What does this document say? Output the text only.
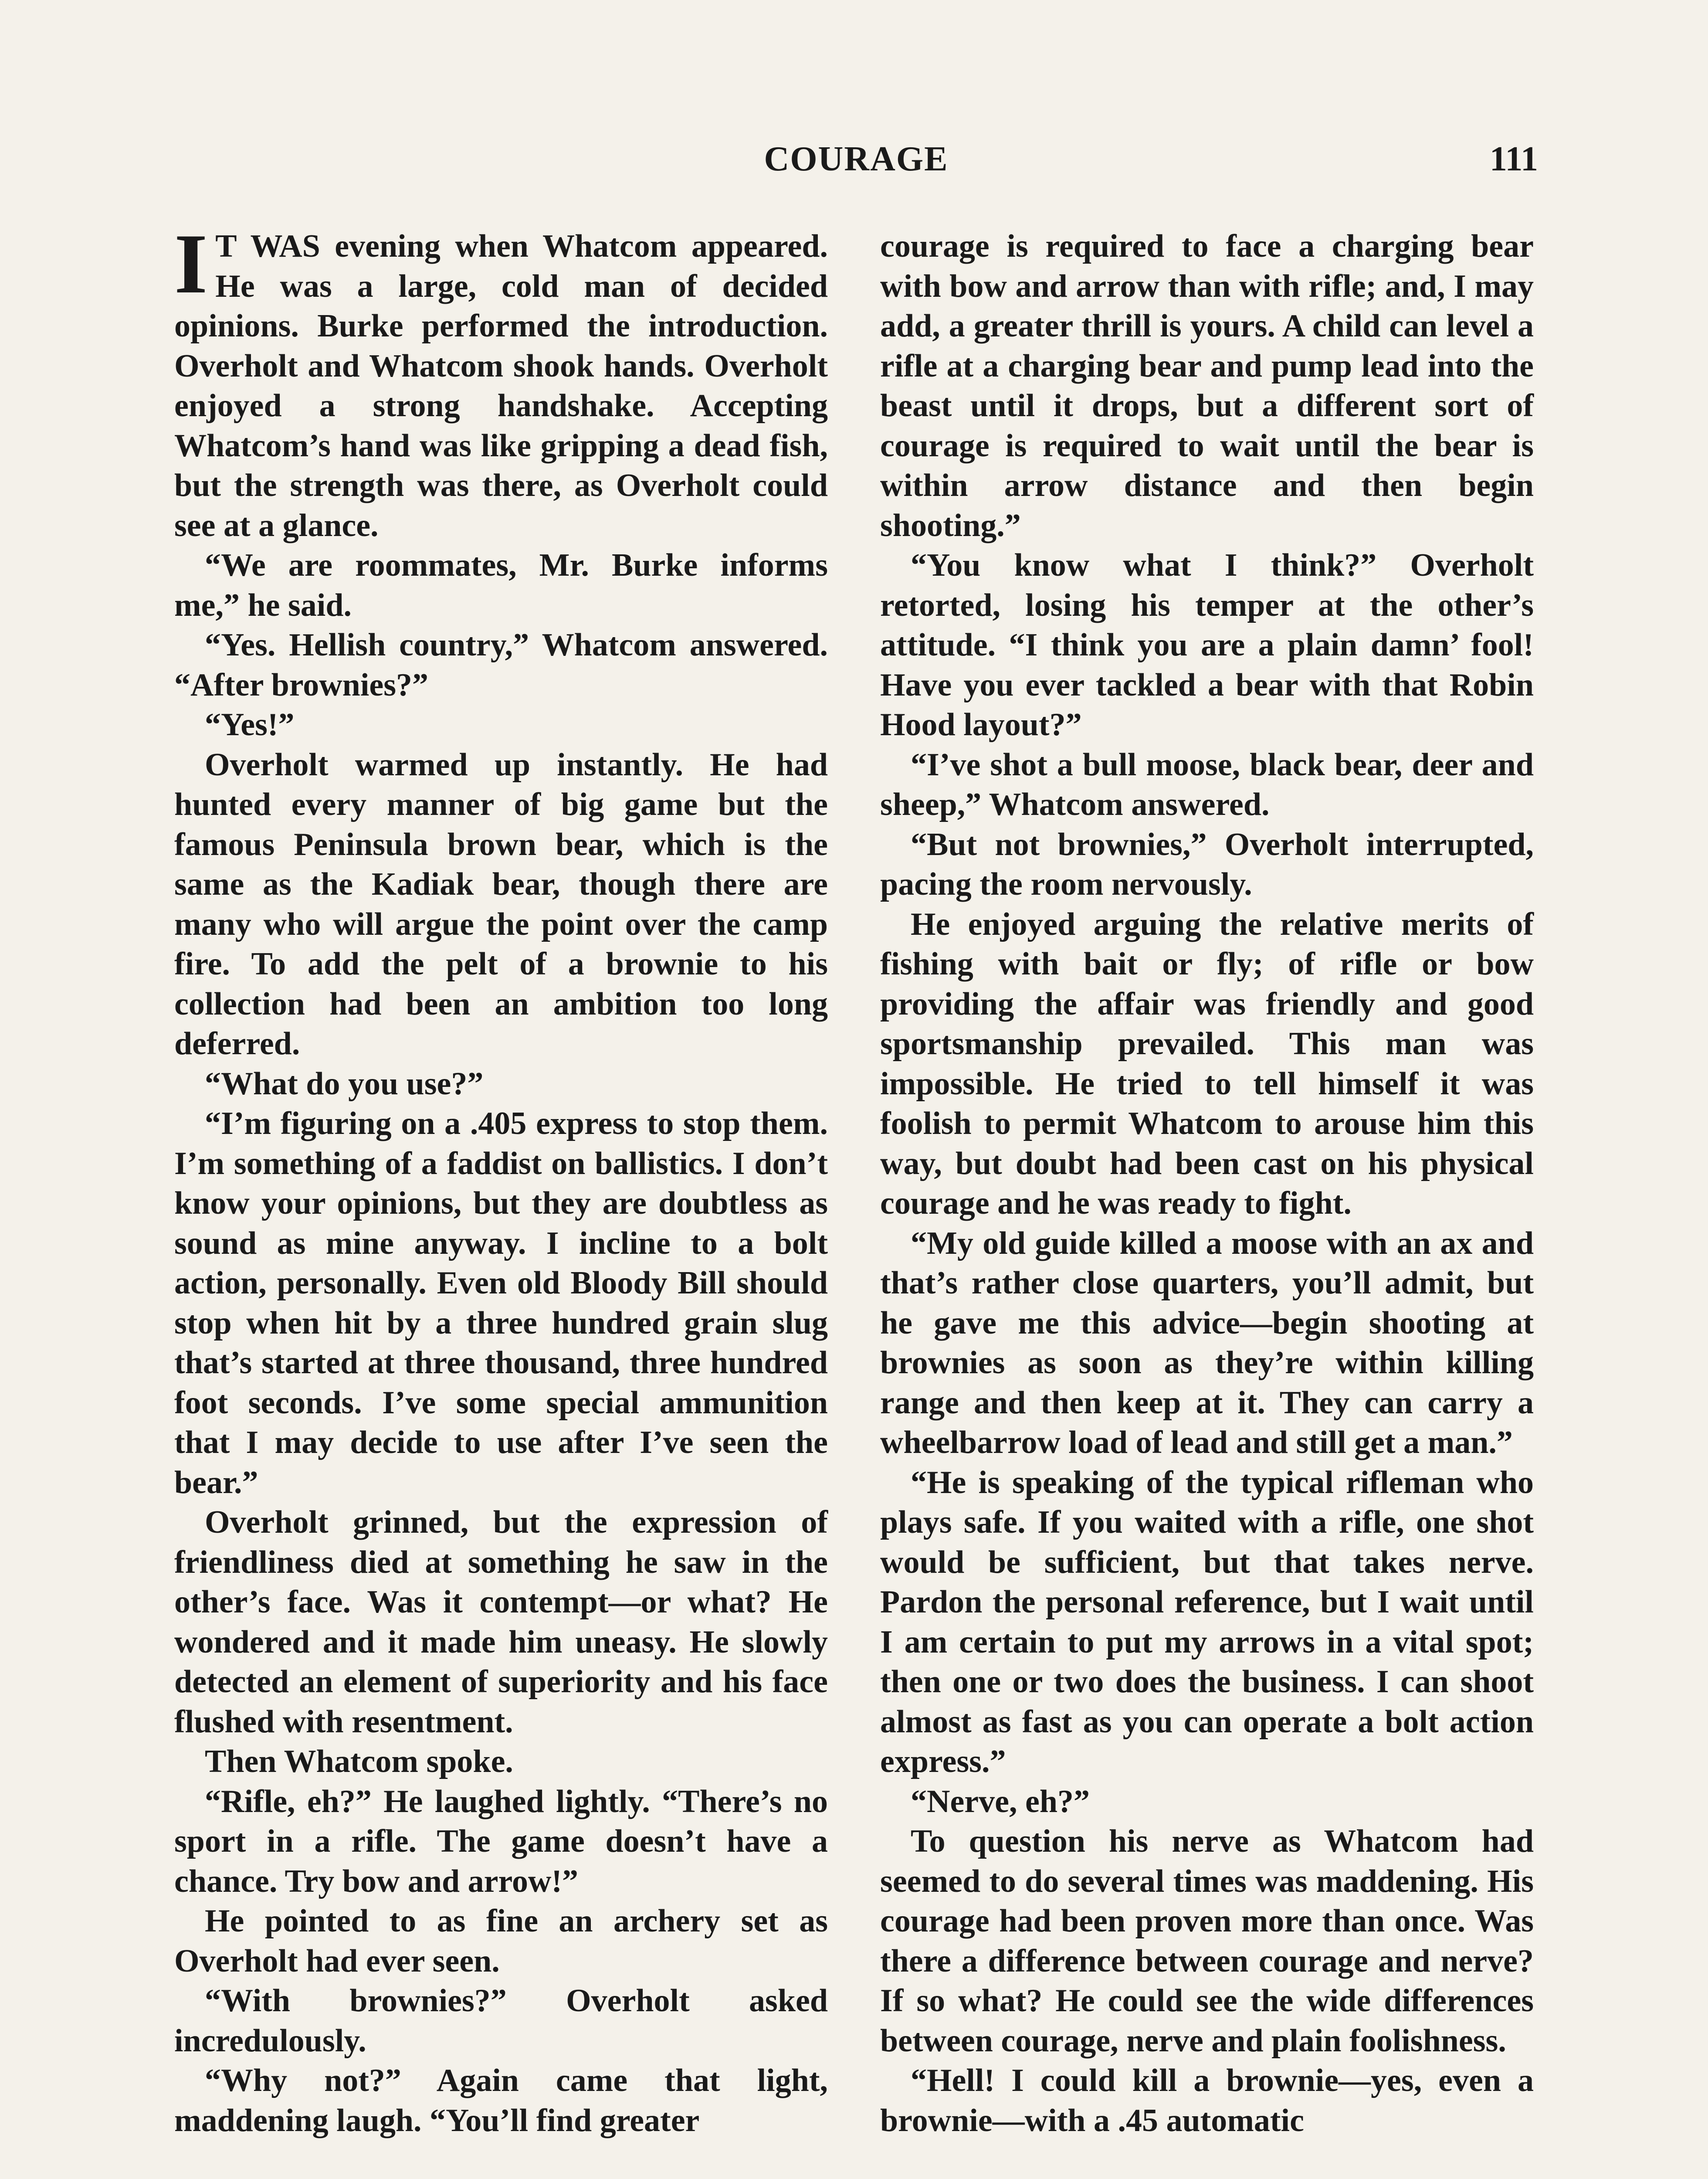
COURAGE	111

I T WAS evening when Whatcom appeared. He was a large, cold man of decided opinions. Burke performed the introduction. Overholt and Whatcom shook hands. Overholt enjoyed a strong handshake. Accepting Whatcom’s hand was like gripping a dead fish, but the strength was there, as Overholt could see at a glance.

“We are roommates, Mr. Burke informs me,” he said.

“Yes. Hellish country,” Whatcom answered. “After brownies?”

“Yes!”

Overholt warmed up instantly. He had hunted every manner of big game but the famous Peninsula brown bear, which is the same as the Kadiak bear, though there are many who will argue the point over the camp fire. To add the pelt of a brownie to his collection had been an ambition too long deferred.

“What do you use?”

“I’m figuring on a .405 express to stop them. I’m something of a faddist on ballistics. I don’t know your opinions, but they are doubtless as sound as mine anyway. I incline to a bolt action, personally. Even old Bloody Bill should stop when hit by a three hundred grain slug that’s started at three thousand, three hundred foot seconds. I’ve some special ammunition that I may decide to use after I’ve seen the bear.”

Overholt grinned, but the expression of friendliness died at something he saw in the other’s face. Was it contempt—or what? He wondered and it made him uneasy. He slowly detected an element of superiority and his face flushed with resentment.

Then Whatcom spoke.

“Rifle, eh?” He laughed lightly. “There’s no sport in a rifle. The game doesn’t have a chance. Try bow and arrow!”

He pointed to as fine an archery set as Overholt had ever seen.

“With brownies?” Overholt asked incredulously.

“Why not?” Again came that light, maddening laugh. “You’ll find greater

courage is required to face a charging bear with bow and arrow than with rifle; and, I may add, a greater thrill is yours. A child can level a rifle at a charging bear and pump lead into the beast until it drops, but a different sort of courage is required to wait until the bear is within arrow distance and then begin shooting.”

“You know what I think?” Overholt retorted, losing his temper at the other’s attitude. “I think you are a plain damn’ fool! Have you ever tackled a bear with that Robin Hood layout?”

“I’ve shot a bull moose, black bear, deer and sheep,” Whatcom answered.

“But not brownies,” Overholt interrupted, pacing the room nervously.

He enjoyed arguing the relative merits of fishing with bait or fly; of rifle or bow providing the affair was friendly and good sportsmanship prevailed. This man was impossible. He tried to tell himself it was foolish to permit Whatcom to arouse him this way, but doubt had been cast on his physical courage and he was ready to fight.

“My old guide killed a moose with an ax and that’s rather close quarters, you’ll admit, but he gave me this advice—begin shooting at brownies as soon as they’re within killing range and then keep at it. They can carry a wheelbarrow load of lead and still get a man.”

“He is speaking of the typical rifleman who plays safe. If you waited with a rifle, one shot would be sufficient, but that takes nerve. Pardon the personal reference, but I wait until I am certain to put my arrows in a vital spot; then one or two does the business. I can shoot almost as fast as you can operate a bolt action express.”

“Nerve, eh?”

To question his nerve as Whatcom had seemed to do several times was maddening. His courage had been proven more than once. Was there a difference between courage and nerve? If so what? He could see the wide differences between courage, nerve and plain foolishness.

“Hell! I could kill a brownie—yes, even a brownie—with a .45 automatic
